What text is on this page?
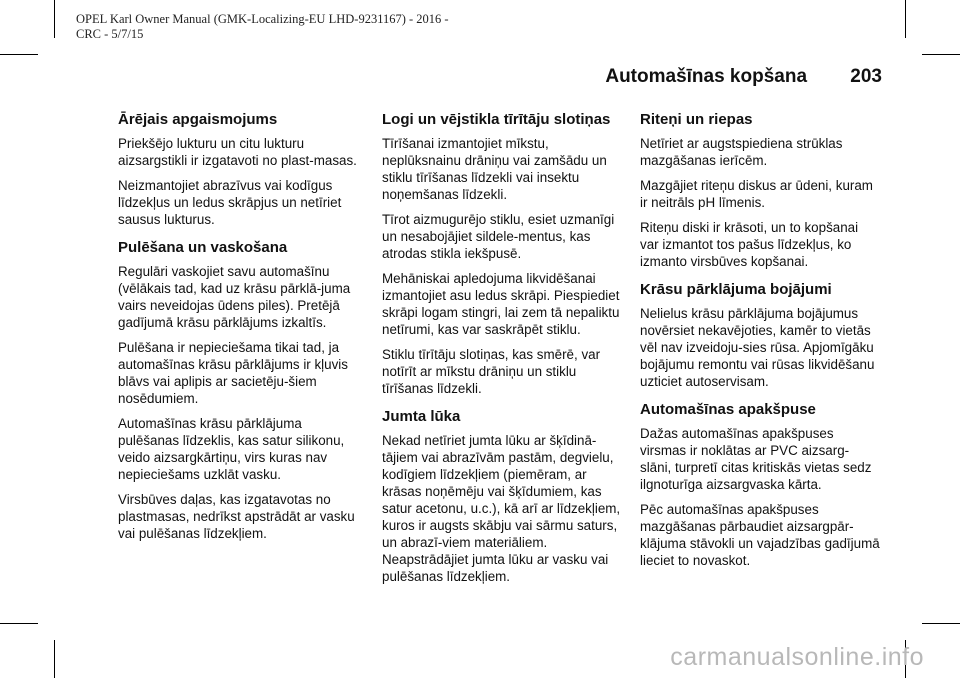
OPEL Karl Owner Manual (GMK-Localizing-EU LHD-9231167) - 2016 -
CRC - 5/7/15
Automašīnas kopšana 203
Ārējais apgaismojums

Priekšējo lukturu un citu lukturu aizsargstikli ir izgatavoti no plast-masas.

Neizmantojiet abrazīvus vai kodīgus līdzekļus un ledus skrāpjus un netīriet sausus lukturus.

Pulēšana un vaskošana

Regulāri vaskojiet savu automašīnu (vēlākais tad, kad uz krāsu pārklā-juma vairs neveidojas ūdens piles). Pretējā gadījumā krāsu pārklājums izkaltīs.

Pulēšana ir nepieciešama tikai tad, ja automašīnas krāsu pārklājums ir kļuvis blāvs vai aplipis ar sacietēju-šiem nosēdumiem.

Automašīnas krāsu pārklājuma pulēšanas līdzeklis, kas satur silikonu, veido aizsargkārtiņu, virs kuras nav nepieciešams uzklāt vasku.

Virsbūves daļas, kas izgatavotas no plastmasas, nedrīkst apstrādāt ar vasku vai pulēšanas līdzekļiem.

Logi un vējstikla tīrītāju slotiņas

Tīrīšanai izmantojiet mīkstu, neplūksnainu drāniņu vai zamšādu un stiklu tīrīšanas līdzekli vai insektu noņemšanas līdzekli.

Tīrot aizmugurējo stiklu, esiet uzmanīgi un nesabojājiet sildele-mentus, kas atrodas stikla iekšpusē.

Mehāniskai apledojuma likvidēšanai izmantojiet asu ledus skrāpi. Piespiediet skrāpi logam stingri, lai zem tā nepaliktu netīrumi, kas var saskrāpēt stiklu.

Stiklu tīrītāju slotiņas, kas smērē, var notīrīt ar mīkstu drāniņu un stiklu tīrīšanas līdzekli.

Jumta lūka

Nekad netīriet jumta lūku ar šķīdinā-tājiem vai abrazīvām pastām, degvielu, kodīgiem līdzekļiem (piemēram, ar krāsas noņēmēju vai šķīdumiem, kas satur acetonu, u.c.), kā arī ar līdzekļiem, kuros ir augsts skābju vai sārmu saturs, un abrazī-viem materiāliem. Neapstrādājiet jumta lūku ar vasku vai pulēšanas līdzekļiem.

Riteņi un riepas

Netīriet ar augstspiediena strūklas mazgāšanas ierīcēm.

Mazgājiet riteņu diskus ar ūdeni, kuram ir neitrāls pH līmenis.

Riteņu diski ir krāsoti, un to kopšanai var izmantot tos pašus līdzekļus, ko izmanto virsbūves kopšanai.

Krāsu pārklājuma bojājumi

Nelielus krāsu pārklājuma bojājumus novērsiet nekavējoties, kamēr to vietās vēl nav izveidoju-sies rūsa. Apjomīgāku bojājumu remontu vai rūsas likvidēšanu uzticiet autoservisam.

Automašīnas apakšpuse

Dažas automašīnas apakšpuses virsmas ir noklātas ar PVC aizsarg-slāni, turpretī citas kritiskās vietas sedz ilgnoturīga aizsargvaska kārta.

Pēc automašīnas apakšpuses mazgāšanas pārbaudiet aizsargpār-klājuma stāvokli un vajadzības gadījumā lieciet to novaskot.

carmanualsonline.info
